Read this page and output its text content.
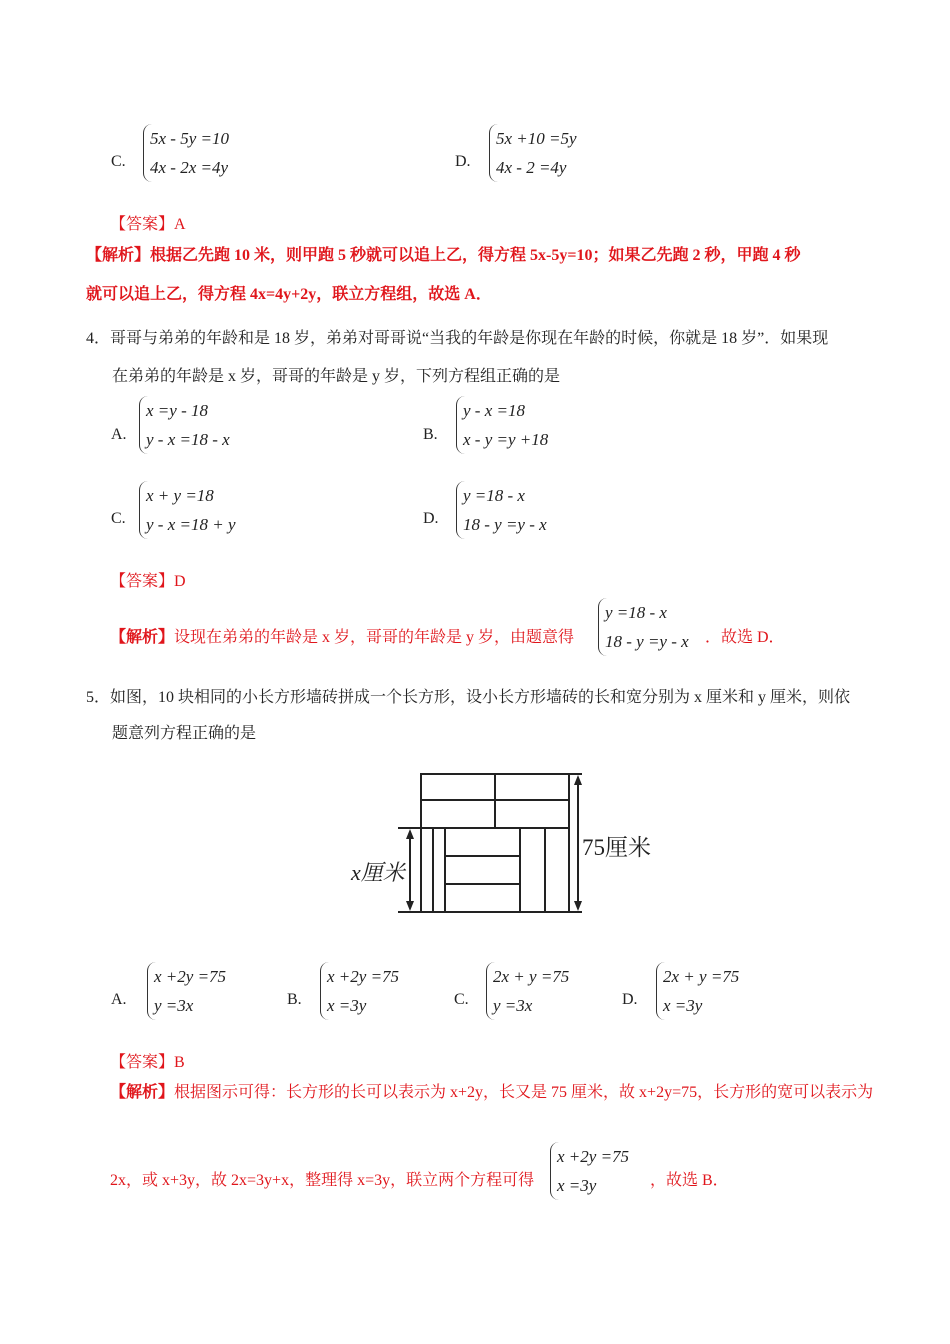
C.
5x - 5y =10
4x - 2x =4y	D.
5x +10 =5y
4x - 2 =4y
【答案】A
【解析】根据乙先跑 10 米，则甲跑 5 秒就可以追上乙，得方程 5x-5y=10；如果乙先跑 2 秒，甲跑 4 秒
就可以追上乙，得方程 4x=4y+2y，联立方程组，故选 A．
4．哥哥与弟弟的年龄和是 18 岁，弟弟对哥哥说“当我的年龄是你现在年龄的时候，你就是 18 岁”．如果现
在弟弟的年龄是 x 岁，哥哥的年龄是 y 岁，下列方程组正确的是
A.
x =y - 18
y - x =18 - x	B.
y - x =18
x - y =y +18
C.
x + y =18
y - x =18 + y	D.
y =18 - x
18 - y =y - x
【答案】D
【解析】设现在弟弟的年龄是 x 岁，哥哥的年龄是 y 岁，由题意得
y =18 - x
18 - y =y - x ．故选 D．
5．如图，10 块相同的小长方形墙砖拼成一个长方形，设小长方形墙砖的长和宽分别为 x 厘米和 y 厘米，则依
题意列方程正确的是
75厘米
x厘米
A.
x +2y =75
y =3x	B.
x +2y =75
x =3y	C.
2x + y =75
y =3x	D.
2x + y =75
x =3y
【答案】B
【解析】根据图示可得：长方形的长可以表示为 x+2y，长又是 75 厘米，故 x+2y=75，长方形的宽可以表示为
2x，或 x+3y，故 2x=3y+x，整理得 x=3y，联立两个方程可得
x +2y =75
x =3y	，故选 B．
